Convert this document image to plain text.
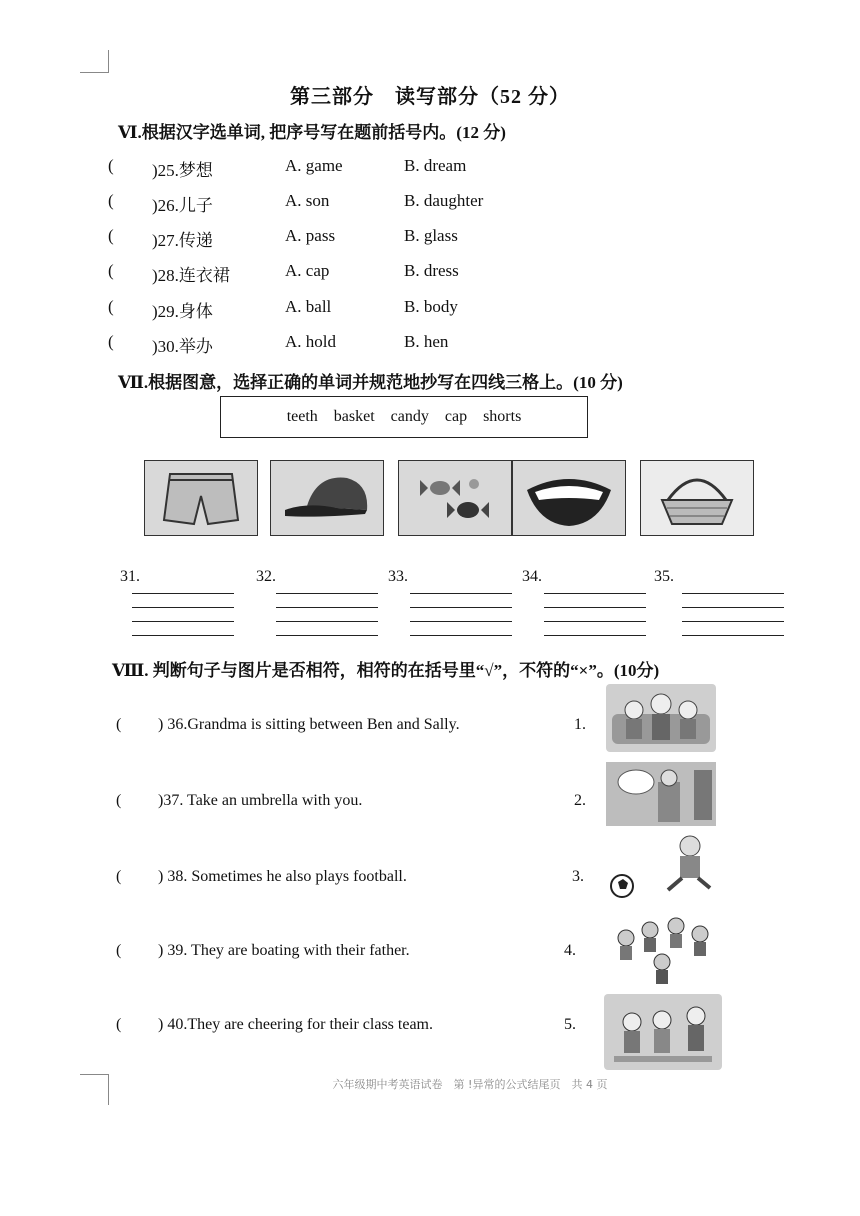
第三部分　读写部分（52 分）
Ⅵ.根据汉字选单词, 把序号写在题前括号内。(12 分)
( )25.梦想	A. game	B. dream
( )26.儿子	A. son	B. daughter
( )27.传递	A. pass	B. glass
( )28.连衣裙	A. cap	B. dress
( )29.身体	A. ball	B. body
( )30.举办	A. hold	B. hen
Ⅶ.根据图意，选择正确的单词并规范地抄写在四线三格上。(10 分)
teeth basket candy cap shorts
31.	32.	33.	34.	35.
Ⅷ. 判断句子与图片是否相符，相符的在括号里“√”，不符的“×”。(10分)
( ) 36.Grandma is sitting between Ben and Sally.	1.
( )37. Take an umbrella with you.	2.
( ) 38. Sometimes he also plays football.	3.
( ) 39. They are boating with their father.	4.
( ) 40.They are cheering for their class team.	5.
六年级期中考英语试卷　第 !异常的公式结尾页　共 4 页
